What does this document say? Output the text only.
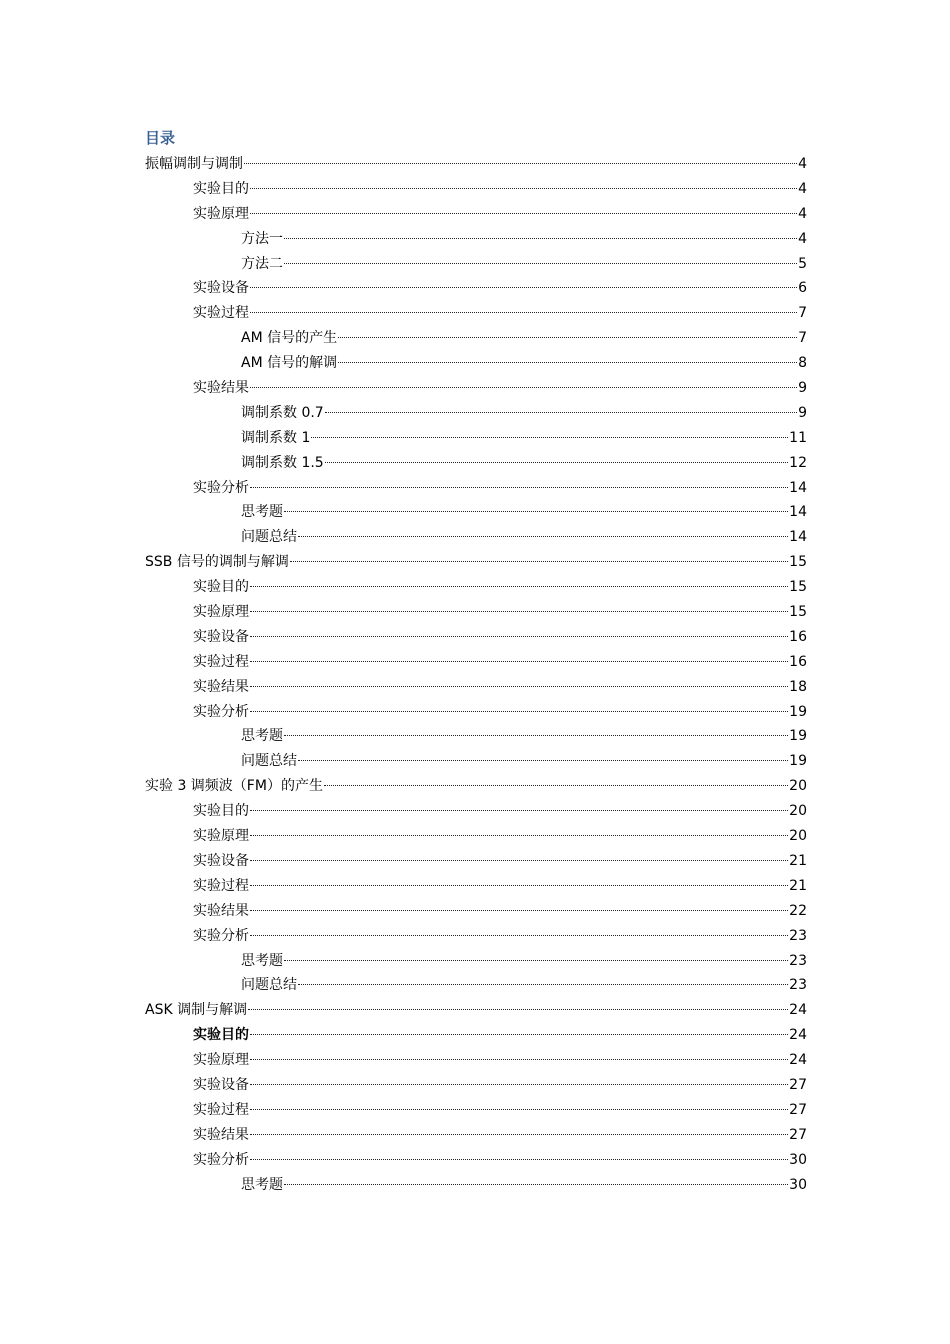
目录
振幅调制与调制	4
实验目的	4
实验原理	4
方法一	4
方法二	5
实验设备	6
实验过程	7
AM 信号的产生	7
AM 信号的解调	8
实验结果	9
调制系数 0.7	9
调制系数 1	11
调制系数 1.5	12
实验分析	14
思考题	14
问题总结	14
SSB 信号的调制与解调	15
实验目的	15
实验原理	15
实验设备	16
实验过程	16
实验结果	18
实验分析	19
思考题	19
问题总结	19
实验 3 调频波（FM）的产生	20
实验目的	20
实验原理	20
实验设备	21
实验过程	21
实验结果	22
实验分析	23
思考题	23
问题总结	23
ASK 调制与解调	24
实验目的	24
实验原理	24
实验设备	27
实验过程	27
实验结果	27
实验分析	30
思考题	30
